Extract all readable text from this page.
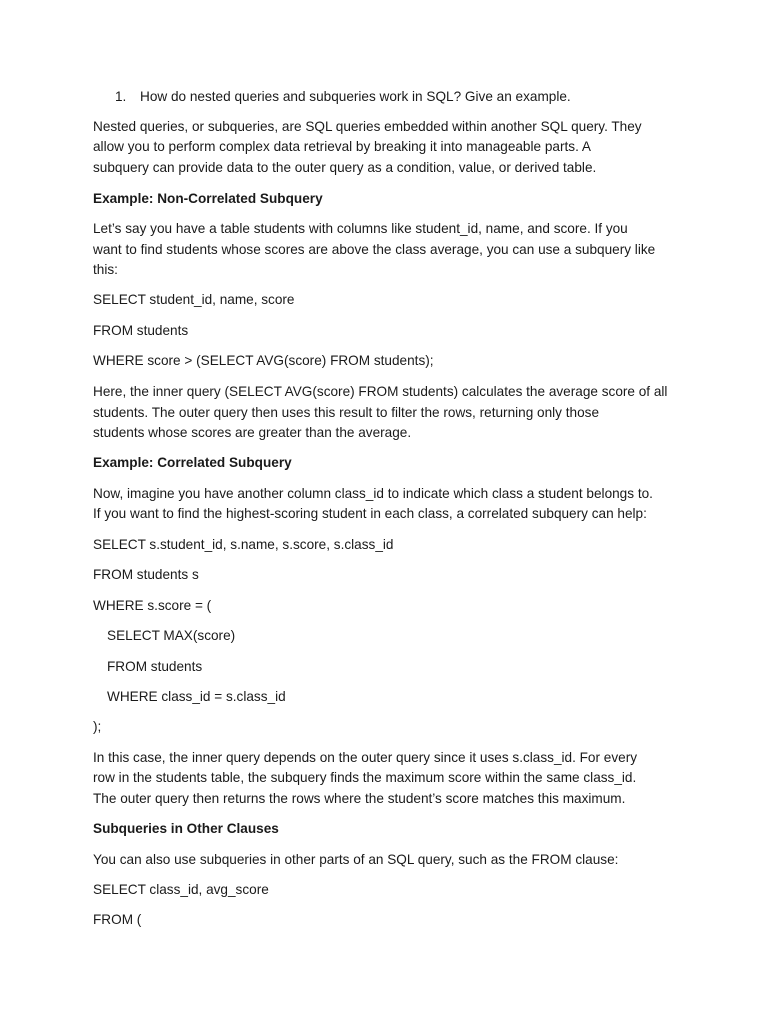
1. How do nested queries and subqueries work in SQL? Give an example.

Nested queries, or subqueries, are SQL queries embedded within another SQL query. They

allow you to perform complex data retrieval by breaking it into manageable parts. A

subquery can provide data to the outer query as a condition, value, or derived table.

Example: Non-Correlated Subquery

Let’s say you have a table students with columns like student_id, name, and score. If you

want to find students whose scores are above the class average, you can use a subquery like

this:

SELECT student_id, name, score

FROM students

WHERE score > (SELECT AVG(score) FROM students);

Here, the inner query (SELECT AVG(score) FROM students) calculates the average score of all

students. The outer query then uses this result to filter the rows, returning only those

students whose scores are greater than the average.

Example: Correlated Subquery

Now, imagine you have another column class_id to indicate which class a student belongs to.

If you want to find the highest-scoring student in each class, a correlated subquery can help:

SELECT s.student_id, s.name, s.score, s.class_id

FROM students s

WHERE s.score = (

SELECT MAX(score)

FROM students

WHERE class_id = s.class_id

);

In this case, the inner query depends on the outer query since it uses s.class_id. For every

row in the students table, the subquery finds the maximum score within the same class_id.

The outer query then returns the rows where the student’s score matches this maximum.

Subqueries in Other Clauses

You can also use subqueries in other parts of an SQL query, such as the FROM clause:

SELECT class_id, avg_score

FROM (
